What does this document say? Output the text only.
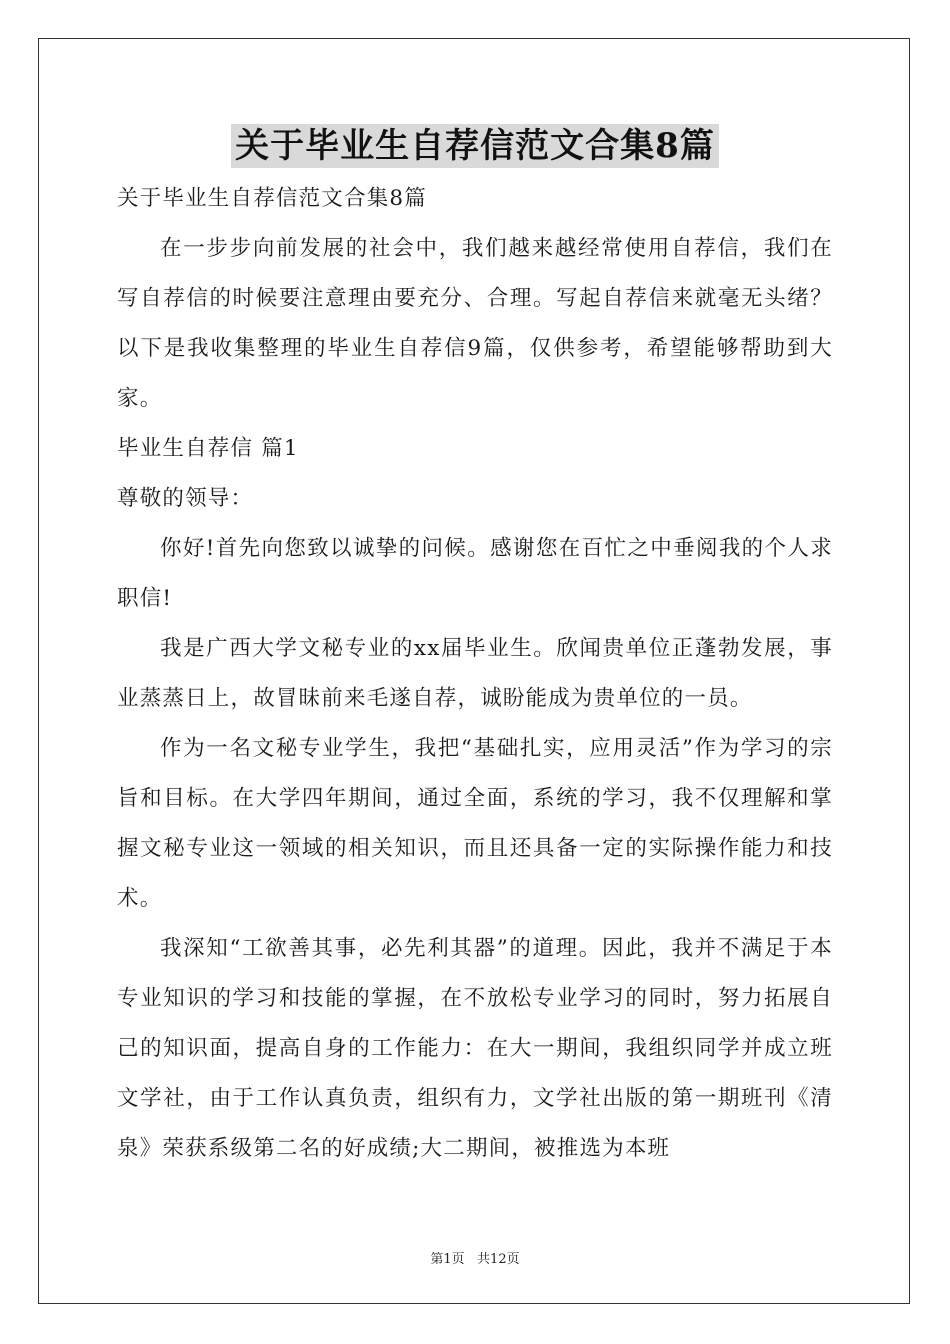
关于毕业生自荐信范文合集8篇

关于毕业生自荐信范文合集8篇

在一步步向前发展的社会中，我们越来越经常使用自荐信，我们在写自荐信的时候要注意理由要充分、合理。写起自荐信来就毫无头绪？以下是我收集整理的毕业生自荐信9篇，仅供参考，希望能够帮助到大家。

毕业生自荐信 篇1

尊敬的领导：

你好!首先向您致以诚挚的问候。感谢您在百忙之中垂阅我的个人求职信!

我是广西大学文秘专业的xx届毕业生。欣闻贵单位正蓬勃发展，事业蒸蒸日上，故冒昧前来毛遂自荐，诚盼能成为贵单位的一员。

作为一名文秘专业学生，我把“基础扎实，应用灵活”作为学习的宗旨和目标。在大学四年期间，通过全面，系统的学习，我不仅理解和掌握文秘专业这一领域的相关知识，而且还具备一定的实际操作能力和技术。

我深知“工欲善其事，必先利其器”的道理。因此，我并不满足于本专业知识的学习和技能的掌握，在不放松专业学习的同时，努力拓展自己的知识面，提高自身的工作能力：在大一期间，我组织同学并成立班文学社，由于工作认真负责，组织有力，文学社出版的第一期班刊《清泉》荣获系级第二名的好成绩;大二期间，被推选为本班

第1页   共12页
